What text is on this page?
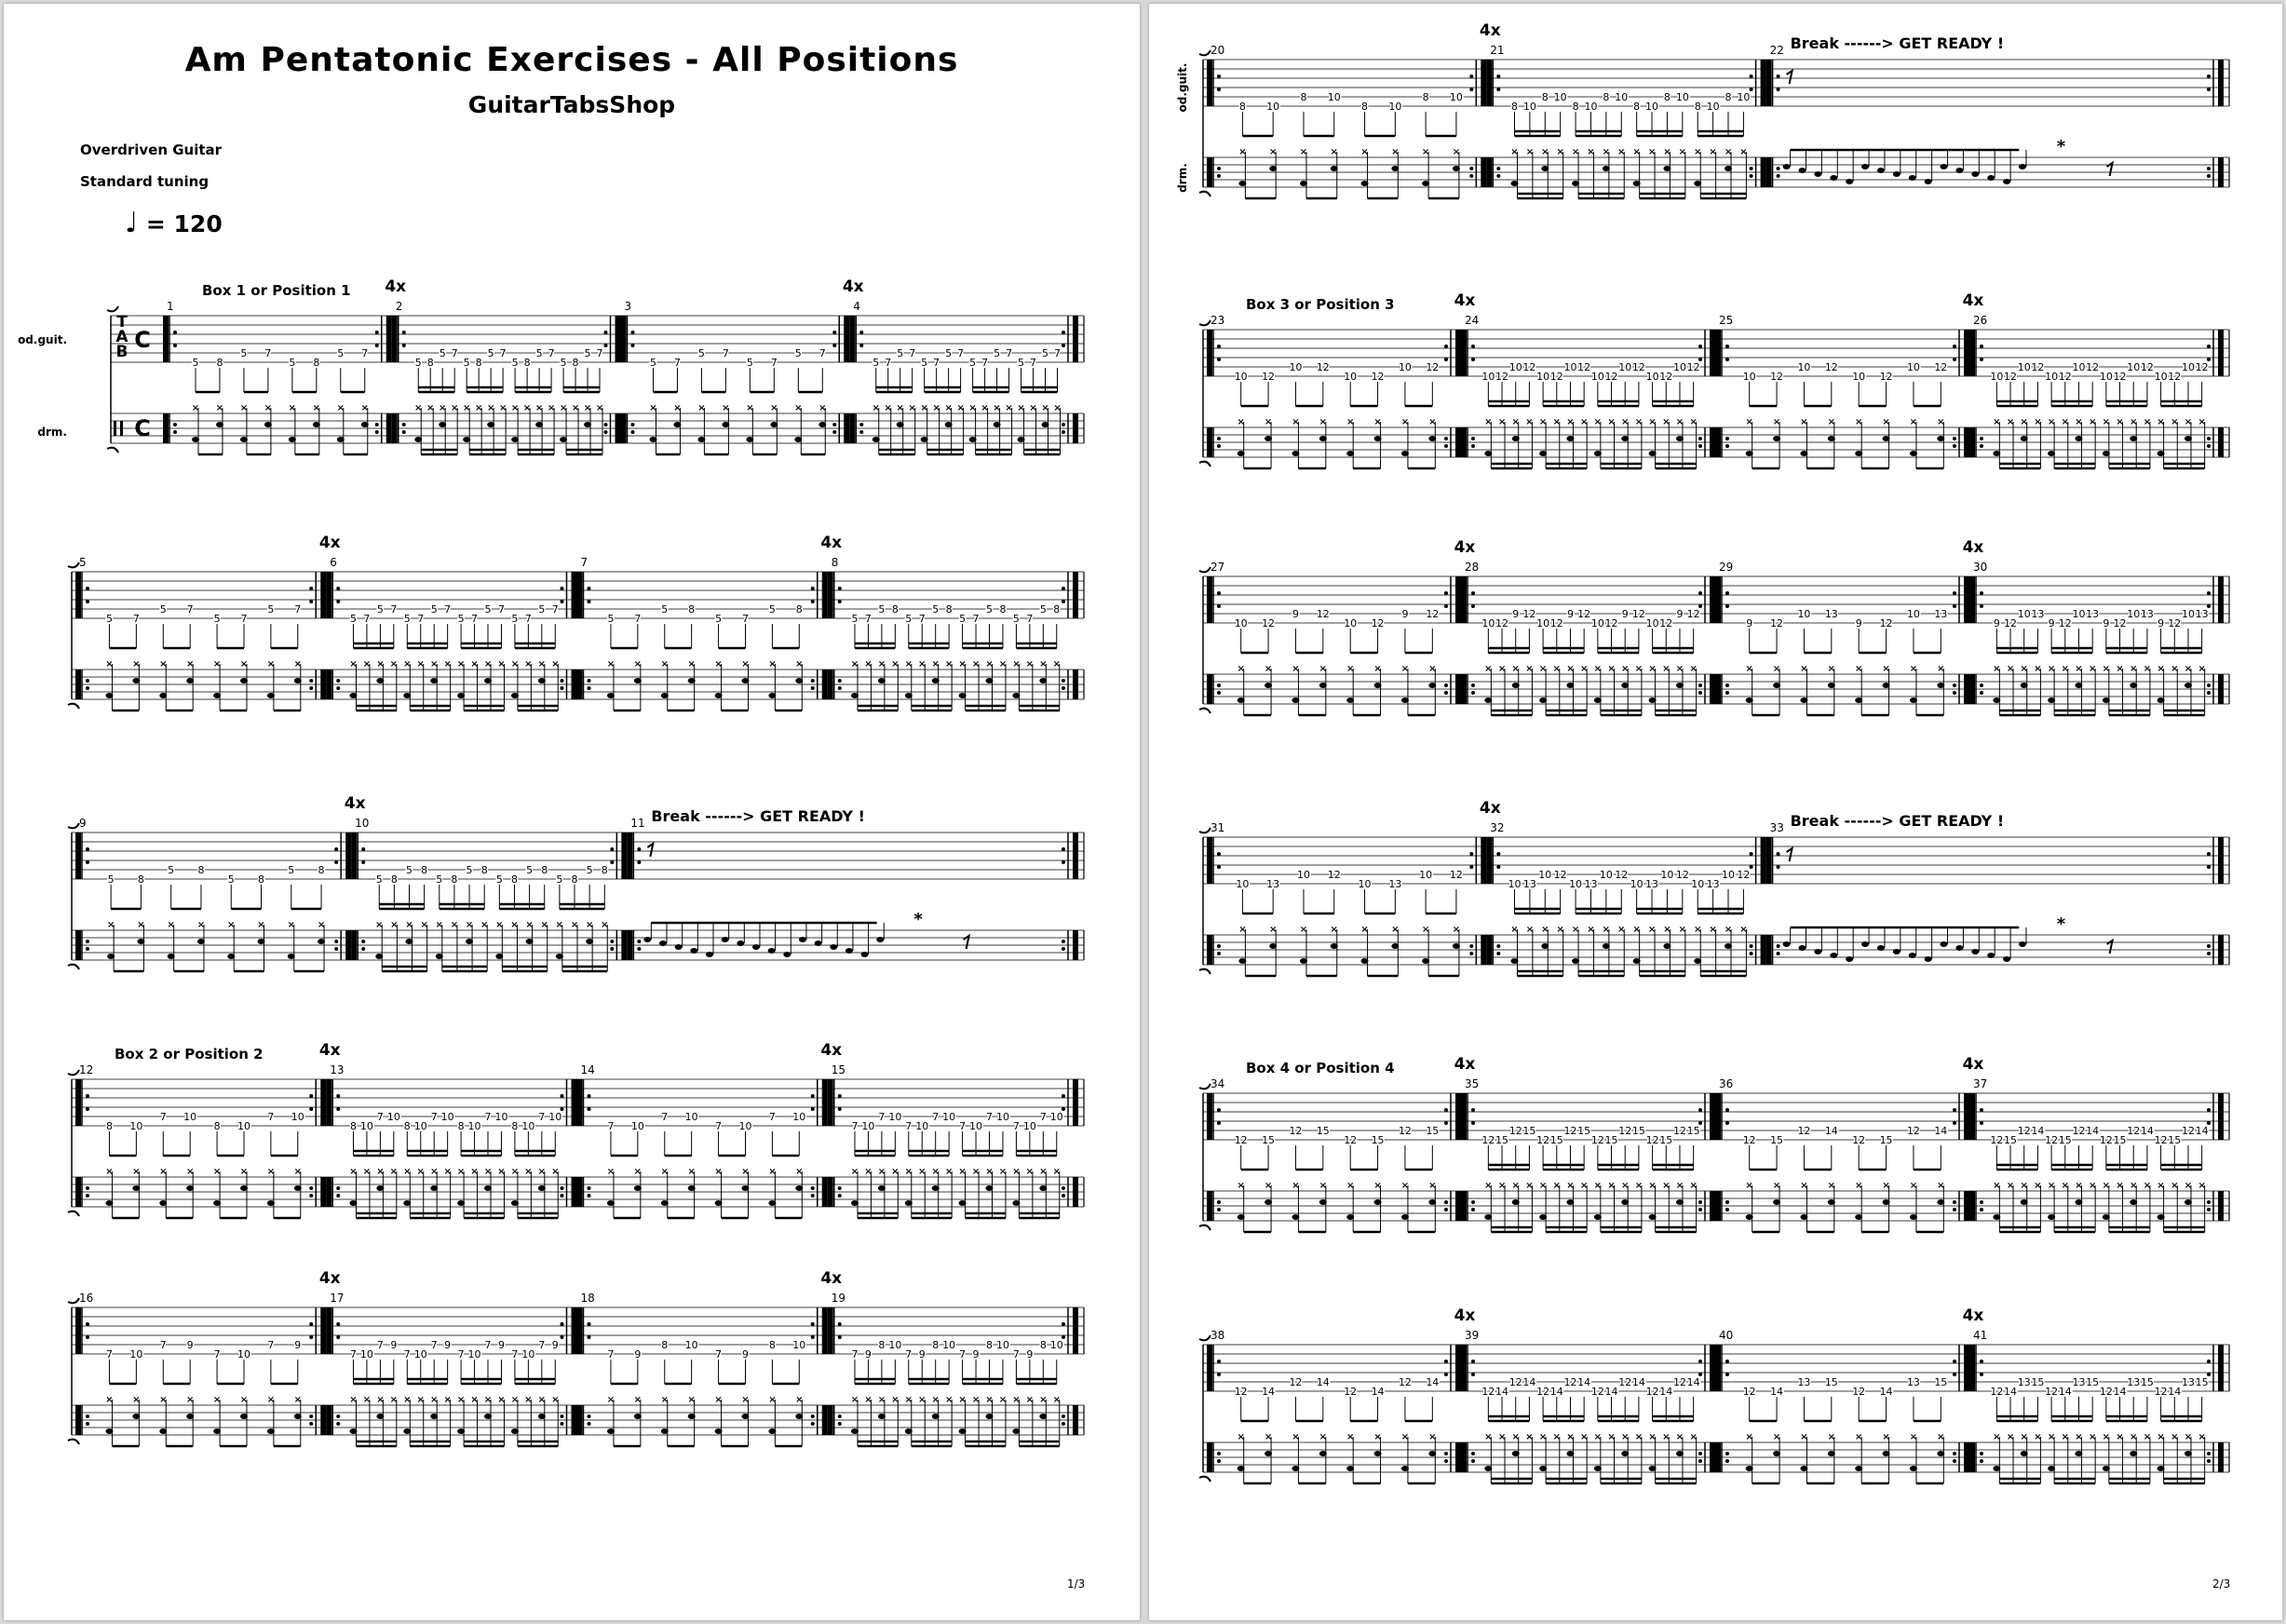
Am Pentatonic Exercises - All Positions
GuitarTabsShop
Overdriven Guitar
Standard tuning
♩ = 120
od.guit.
drm.
T
A
B C
C
1
Box 1 or Position 1
5 8
5 7
5 8
5 7
× × × × × × × ×
2
4x
5 8
5 7
5 8
5 7
5 8
5 7
5 8
5 7
× × × × × × × × × × × × × × × ×
3
5 7
5 7
5 7
5 7
× × × × × × × ×
4
4x
5 7
5 7
5 7
5 7
5 7
5 7
5 7
5 7
× × × × × × × × × × × × × × × ×
5
5 7
5 7
5 7
5 7
× × × × × × × ×
6
4x
5 7
5 7
5 7
5 7
5 7
5 7
5 7
5 7
× × × × × × × × × × × × × × × ×
7
5 7
5 8
5 7
5 8
× × × × × × × ×
8
4x
5 7
5 8
5 7
5 8
5 7
5 8
5 7
5 8
× × × × × × × × × × × × × × × ×
9
5 8
5 8
5 8
5 8
× × × × × × × ×
10
4x
5 8
5 8
5 8
5 8
5 8
5 8
5 8
5 8
× × × × × × × × × × × × × × × ×
11 Break ------> GET READY !
*
12
Box 2 or Position 2
8 10
7 10
8 10
7 10
× × × × × × × ×
13
4x
8 10
7 10
8 10
7 10
8 10
7 10
8 10
7 10
× × × × × × × × × × × × × × × ×
14
7 10
7 10
7 10
7 10
× × × × × × × ×
15
4x
7 10
7 10
7 10
7 10
7 10
7 10
7 10
7 10
× × × × × × × × × × × × × × × ×
16
7 10
7 9
7 10
7 9
× × × × × × × ×
17
4x
7 10
7 9
7 10
7 9
7 10
7 9
7 10
7 9
× × × × × × × × × × × × × × × ×
18
7 9
8 10
7 9
8 10
× × × × × × × ×
19
4x
7 9
8 10
7 9
8 10
7 9
8 10
7 9
8 10
× × × × × × × × × × × × × × × ×
1/3
od.guit.
drm.
20
8 10
8 10
8 10
8 10
× × × × × × × ×
21
4x
8 10
8 10
8 10
8 10
8 10
8 10
8 10
8 10
× × × × × × × × × × × × × × × ×
22 Break ------> GET READY !
*
23
Box 3 or Position 3
10 12
10 12
10 12
10 12
× × × × × × × ×
24
4x
10 12
10 12
10 12
10 12
10 12
10 12
10 12
10 12
× × × × × × × × × × × × × × × ×
25
10 12
10 12
10 12
10 12
× × × × × × × ×
26
4x
10 12
10 12
10 12
10 12
10 12
10 12
10 12
10 12
× × × × × × × × × × × × × × × ×
27
10 12
9 12
10 12
9 12
× × × × × × × ×
28
4x
10 12
9 12
10 12
9 12
10 12
9 12
10 12
9 12
× × × × × × × × × × × × × × × ×
29
9 12
10 13
9 12
10 13
× × × × × × × ×
30
4x
9 12
10 13
9 12
10 13
9 12
10 13
9 12
10 13
× × × × × × × × × × × × × × × ×
31
10 13
10 12
10 13
10 12
× × × × × × × ×
32
4x
10 13
10 12
10 13
10 12
10 13
10 12
10 13
10 12
× × × × × × × × × × × × × × × ×
33 Break ------> GET READY !
*
34
Box 4 or Position 4
12 15
12 15
12 15
12 15
× × × × × × × ×
35
4x
12 15
12 15
12 15
12 15
12 15
12 15
12 15
12 15
× × × × × × × × × × × × × × × ×
36
12 15
12 14
12 15
12 14
× × × × × × × ×
37
4x
12 15
12 14
12 15
12 14
12 15
12 14
12 15
12 14
× × × × × × × × × × × × × × × ×
38
12 14
12 14
12 14
12 14
× × × × × × × ×
39
4x
12 14
12 14
12 14
12 14
12 14
12 14
12 14
12 14
× × × × × × × × × × × × × × × ×
40
12 14
13 15
12 14
13 15
× × × × × × × ×
41
4x
12 14
13 15
12 14
13 15
12 14
13 15
12 14
13 15
× × × × × × × × × × × × × × × ×
2/3
